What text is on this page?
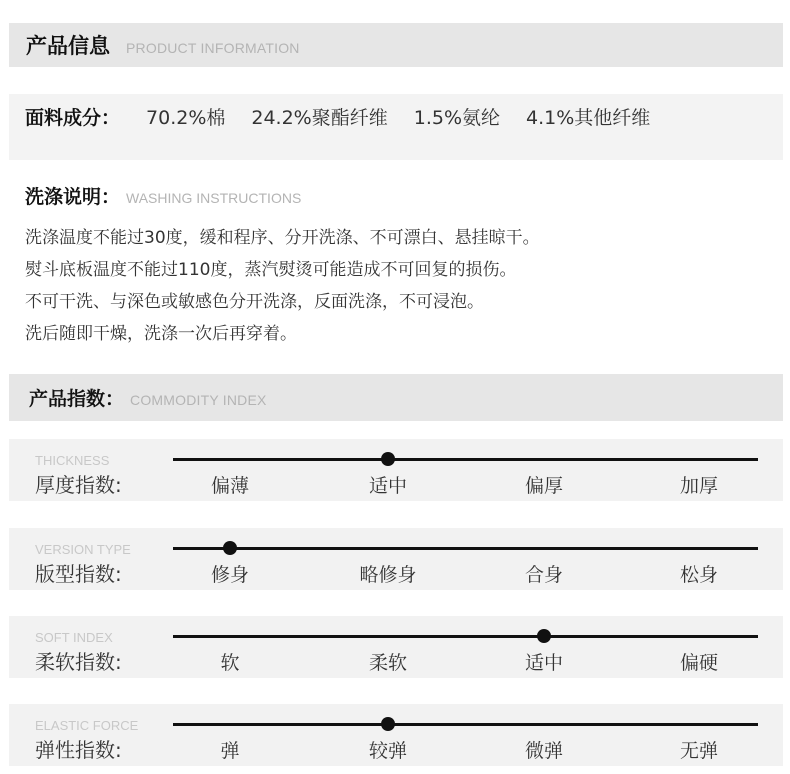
产品信息 PRODUCT INFORMATION
面料成分： 70.2%棉 24.2%聚酯纤维 1.5%氨纶 4.1%其他纤维
洗涤说明： WASHING INSTRUCTIONS
洗涤温度不能过30度，缓和程序、分开洗涤、不可漂白、悬挂晾干。
熨斗底板温度不能过110度，蒸汽熨烫可能造成不可回复的损伤。
不可干洗、与深色或敏感色分开洗涤，反面洗涤，不可浸泡。
洗后随即干燥，洗涤一次后再穿着。
产品指数： COMMODITY INDEX
THICKNESS
厚度指数:	偏薄	适中	偏厚	加厚
VERSION TYPE
版型指数:	修身	略修身	合身	松身
SOFT INDEX
柔软指数:	软	柔软	适中	偏硬
ELASTIC FORCE
弹性指数:	弹	较弹	微弹	无弹
